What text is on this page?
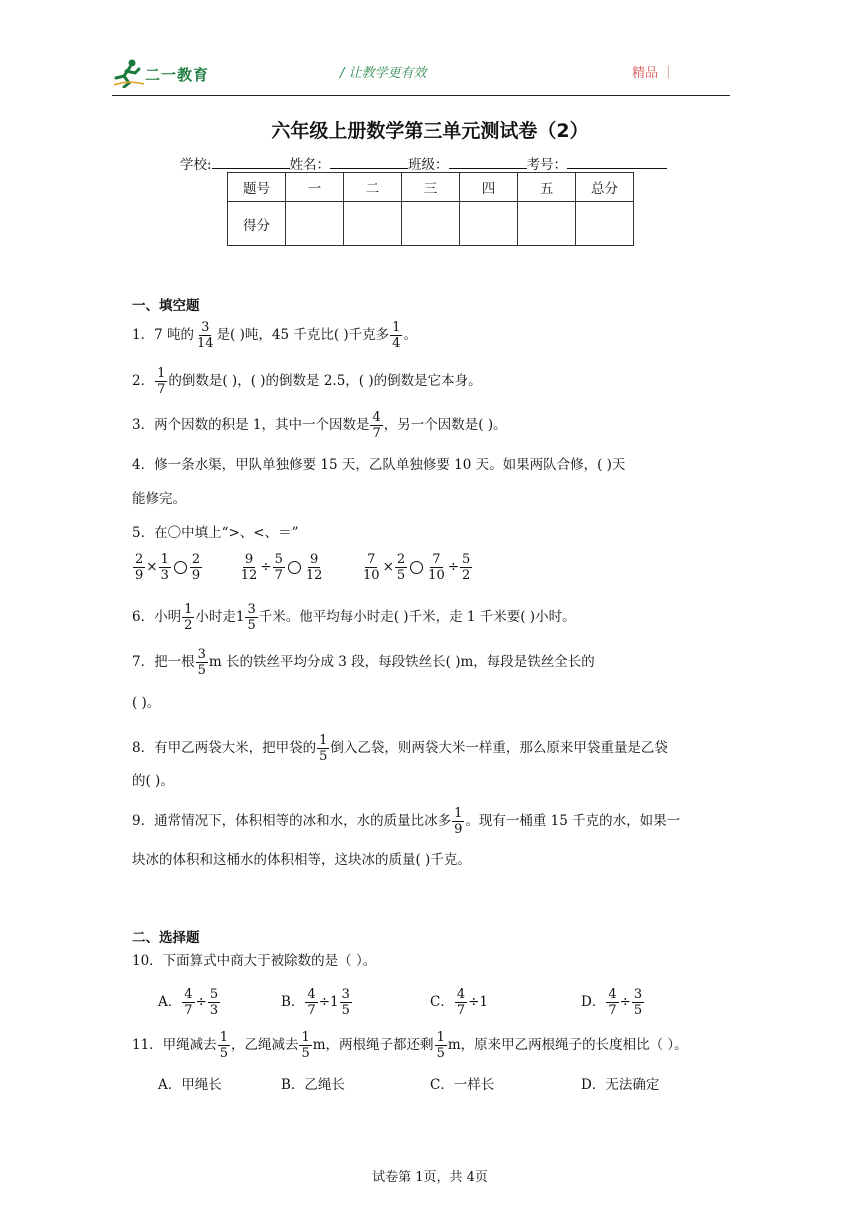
二一教育	/ 让教学更有效	精品 ｜
六年级上册数学第三单元测试卷（2）
学校:	姓名：	班级：	考号：
题号	一	二	三	四	五	总分
得分						
一、填空题
1．7 吨的 $\frac{3}{14}$ 是( )吨，45 千克比( )千克多 $\frac{1}{4}$ 。
2． $\frac{1}{7}$ 的倒数是( )，( )的倒数是 2.5，( )的倒数是它本身。
3．两个因数的积是 1，其中一个因数是 $\frac{4}{7}$ ，另一个因数是( )。
4．修一条水渠，甲队单独修要 15 天，乙队单独修要 10 天。如果两队合修，( )天
能修完。
5．在〇中填上“>、<、＝”
$\frac{2}{9} \times \frac{1}{3} \frac{2}{9}$
	$\frac{9}{12} \div \frac{5}{7} \frac{9}{12}$
	$\frac{7}{10} \times \frac{2}{5} \frac{7}{10} \div \frac{5}{2}$
6．小明 $\frac{1}{2}$ 小时走$1 \frac{3}{5}$ 千米。他平均每小时走( )千米，走 1 千米要( )小时。
7．把一根 $\frac{3}{5}$ m 长的铁丝平均分成 3 段，每段铁丝长( )m，每段是铁丝全长的
( )。
8．有甲乙两袋大米，把甲袋的 $\frac{1}{5}$ 倒入乙袋，则两袋大米一样重，那么原来甲袋重量是乙袋
的( )。
9．通常情况下，体积相等的冰和水，水的质量比冰多 $\frac{1}{9}$ 。现有一桶重 15 千克的水，如果一
块冰的体积和这桶水的体积相等，这块冰的质量( )千克。
二、选择题
10．下面算式中商大于被除数的是（ ）。
A． $\frac{4}{7} \div \frac{5}{3}$	B． $\frac{4}{7} \div 1 \frac{3}{5}$	C． $\frac{4}{7} \div 1$	D． $\frac{4}{7} \div \frac{3}{5}$
11．甲绳减去 $\frac{1}{5}$ ，乙绳减去 $\frac{1}{5}$ m，两根绳子都还剩 $\frac{1}{5}$ m，原来甲乙两根绳子的长度相比（ ）。
A．甲绳长	B．乙绳长	C．一样长	D．无法确定
试卷第 1页，共 4页
